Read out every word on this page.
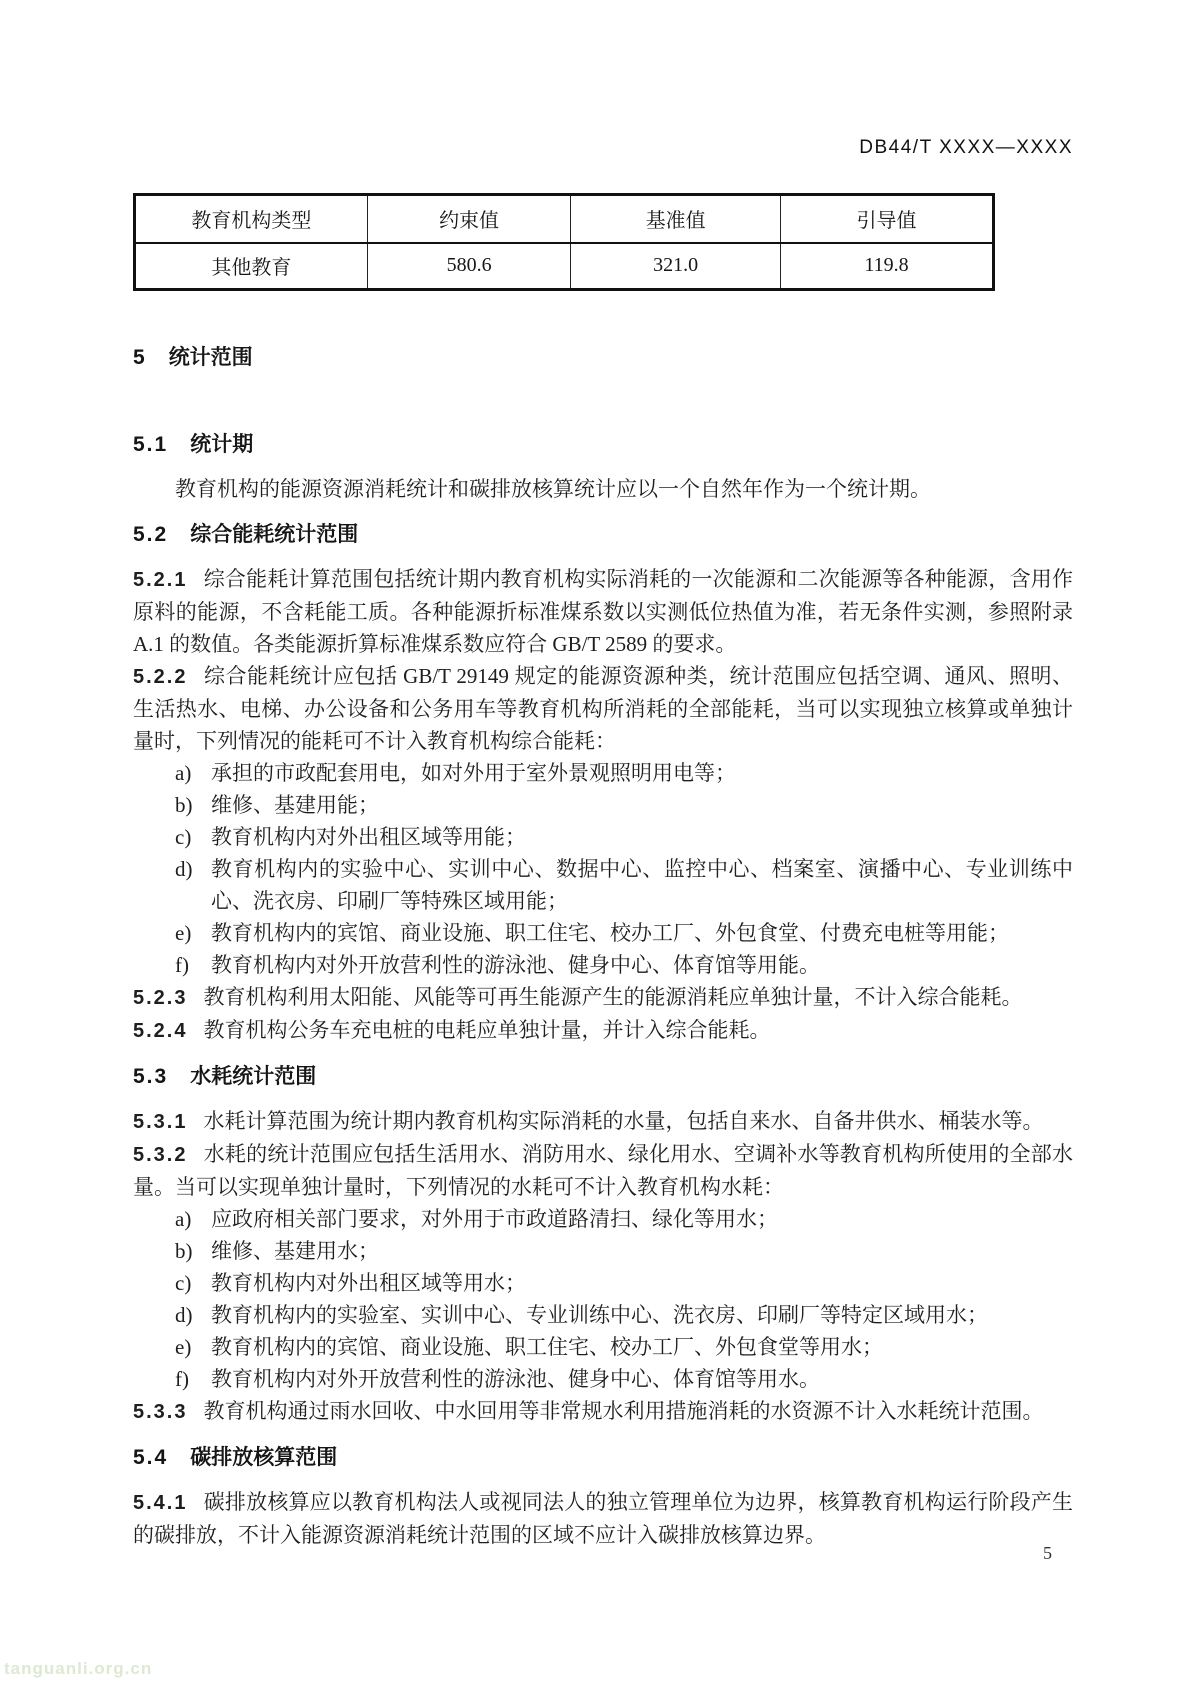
DB44/T XXXX—XXXX
教育机构类型	约束值	基准值	引导值
其他教育	580.6	321.0	119.8

5 统计范围

5.1 统计期

教育机构的能源资源消耗统计和碳排放核算统计应以一个自然年作为一个统计期。

5.2 综合能耗统计范围

5.2.1 综合能耗计算范围包括统计期内教育机构实际消耗的一次能源和二次能源等各种能源，含用作原料的能源，不含耗能工质。各种能源折标准煤系数以实测低位热值为准，若无条件实测，参照附录 A.1 的数值。各类能源折算标准煤系数应符合 GB/T 2589 的要求。

5.2.2 综合能耗统计应包括 GB/T 29149 规定的能源资源种类，统计范围应包括空调、通风、照明、生活热水、电梯、办公设备和公务用车等教育机构所消耗的全部能耗，当可以实现独立核算或单独计量时，下列情况的能耗可不计入教育机构综合能耗：

a) 承担的市政配套用电，如对外用于室外景观照明用电等；

b) 维修、基建用能；

c) 教育机构内对外出租区域等用能；

d) 教育机构内的实验中心、实训中心、数据中心、监控中心、档案室、演播中心、专业训练中心、洗衣房、印刷厂等特殊区域用能；

e) 教育机构内的宾馆、商业设施、职工住宅、校办工厂、外包食堂、付费充电桩等用能；

f) 教育机构内对外开放营利性的游泳池、健身中心、体育馆等用能。

5.2.3 教育机构利用太阳能、风能等可再生能源产生的能源消耗应单独计量，不计入综合能耗。

5.2.4 教育机构公务车充电桩的电耗应单独计量，并计入综合能耗。

5.3 水耗统计范围

5.3.1 水耗计算范围为统计期内教育机构实际消耗的水量，包括自来水、自备井供水、桶装水等。

5.3.2 水耗的统计范围应包括生活用水、消防用水、绿化用水、空调补水等教育机构所使用的全部水量。当可以实现单独计量时，下列情况的水耗可不计入教育机构水耗：

a) 应政府相关部门要求，对外用于市政道路清扫、绿化等用水；

b) 维修、基建用水；

c) 教育机构内对外出租区域等用水；

d) 教育机构内的实验室、实训中心、专业训练中心、洗衣房、印刷厂等特定区域用水；

e) 教育机构内的宾馆、商业设施、职工住宅、校办工厂、外包食堂等用水；

f) 教育机构内对外开放营利性的游泳池、健身中心、体育馆等用水。

5.3.3 教育机构通过雨水回收、中水回用等非常规水利用措施消耗的水资源不计入水耗统计范围。

5.4 碳排放核算范围

5.4.1 碳排放核算应以教育机构法人或视同法人的独立管理单位为边界，核算教育机构运行阶段产生的碳排放，不计入能源资源消耗统计范围的区域不应计入碳排放核算边界。

5
tanguanli.org.cn
